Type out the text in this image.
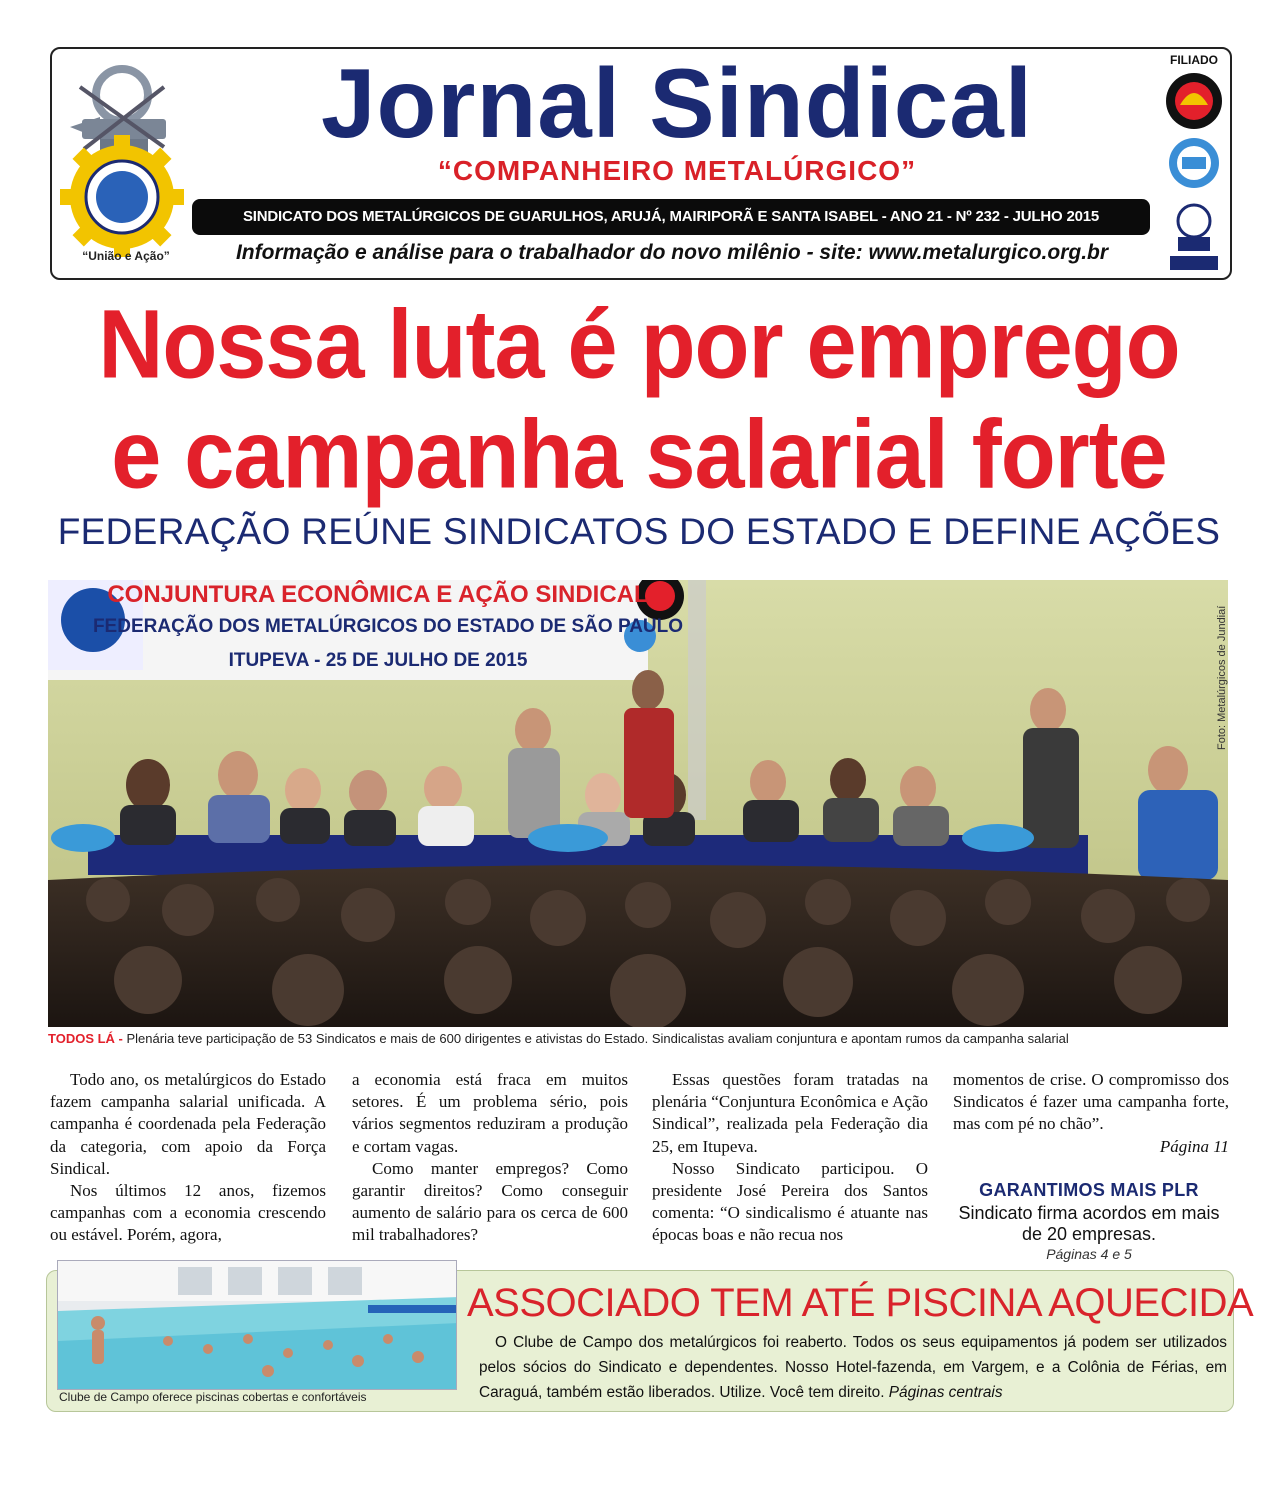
“União e Ação”
Jornal Sindical
“COMPANHEIRO METALÚRGICO”
SINDICATO DOS METALÚRGICOS DE GUARULHOS, ARUJÁ, MAIRIPORÃ E SANTA ISABEL - ANO 21 - Nº 232 - JULHO 2015
Informação e análise para o trabalhador do novo milênio - site: www.metalurgico.org.br
FILIADO
Nossa luta é por emprego
e campanha salarial forte
FEDERAÇÃO REÚNE SINDICATOS DO ESTADO E DEFINE AÇÕES
CONJUNTURA ECONÔMICA E AÇÃO SINDICAL
FEDERAÇÃO DOS METALÚRGICOS DO ESTADO DE SÃO PAULO
ITUPEVA - 25 DE JULHO DE 2015	Foto: Metalúrgicos de Jundiaí
TODOS LÁ - Plenária teve participação de 53 Sindicatos e mais de 600 dirigentes e ativistas do Estado. Sindicalistas avaliam conjuntura e apontam rumos da campanha salarial

Todo ano, os metalúrgicos do Estado fazem campanha salarial unificada. A campanha é coordenada pela Federação da categoria, com apoio da Força Sindical.

Nos últimos 12 anos, fizemos campanhas com a economia crescendo ou estável. Porém, agora,

a economia está fraca em muitos setores. É um problema sério, pois vários segmentos reduziram a produção e cortam vagas.

Como manter empregos? Como garantir direitos? Como conseguir aumento de salário para os cerca de 600 mil trabalhadores?

Essas questões foram tratadas na plenária “Conjuntura Econômica e Ação Sindical”, realizada pela Federação dia 25, em Itupeva.

Nosso Sindicato participou. O presidente José Pereira dos Santos comenta: “O sindicalismo é atuante nas épocas boas e não recua nos

momentos de crise. O compromisso dos Sindicatos é fazer uma campanha forte, mas com pé no chão”.

Página 11

GARANTIMOS MAIS PLR
Sindicato firma acordos em mais de 20 empresas.
Páginas 4 e 5
Clube de Campo oferece piscinas cobertas e confortáveis
ASSOCIADO TEM ATÉ PISCINA AQUECIDA
O Clube de Campo dos metalúrgicos foi reaberto. Todos os seus equipamentos já podem ser utilizados pelos sócios do Sindicato e dependentes. Nosso Hotel-fazenda, em Vargem, e a Colônia de Férias, em Caraguá, também estão liberados. Utilize. Você tem direito. Páginas centrais
